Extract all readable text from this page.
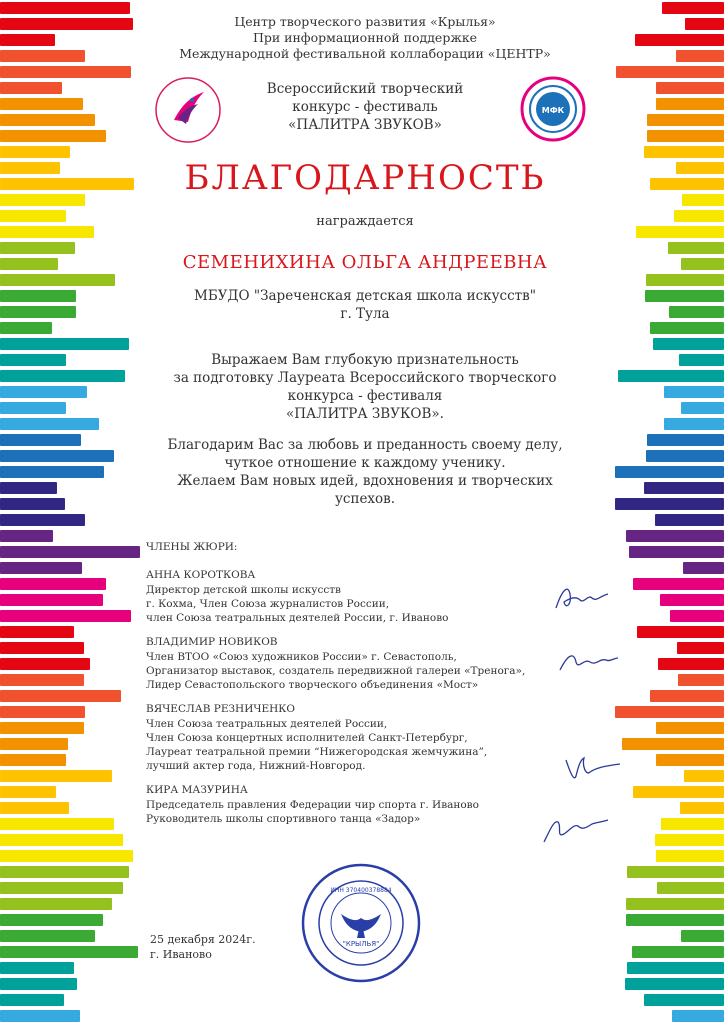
МФК
Центр творческого развития «Крылья»
При информационной поддержке
Международной фестивальной коллаборации «ЦЕНТР»
Всероссийский творческий
конкурс - фестиваль
«ПАЛИТРА ЗВУКОВ»
БЛАГОДАРНОСТЬ
награждается
СЕМЕНИХИНА ОЛЬГА АНДРЕЕВНА
МБУДО "Зареченская детская школа искусств"
г. Тула
Выражаем Вам глубокую признательность
за подготовку Лауреата Всероссийского творческого
конкурса - фестиваля
«ПАЛИТРА ЗВУКОВ».
Благодарим Вас за любовь и преданность своему делу,
чуткое отношение к каждому ученику.
Желаем Вам новых идей, вдохновения и творческих
успехов.
ЧЛЕНЫ ЖЮРИ:
АННА КОРОТКОВА
Директор детской школы искусств
г. Кохма, Член Союза журналистов России,
член Союза театральных деятелей России, г. Иваново
ВЛАДИМИР НОВИКОВ
Член ВТОО «Союз художников России» г. Севастополь,
Организатор выставок, создатель передвижной галереи «Тренога»,
Лидер Севастопольского творческого объединения «Мост»
ВЯЧЕСЛАВ РЕЗНИЧЕНКО
Член Союза театральных деятелей России,
Член Союза концертных исполнителей Санкт-Петербург,
Лауреат театральной премии “Нижегородская жемчужина”,
лучший актер года, Нижний-Новгород.
КИРА МАЗУРИНА
Председатель правления Федерации чир спорта г. Иваново
Руководитель школы спортивного танца «Задор»
"КРЫЛЬЯ"
ИНН 370400378884
25 декабря 2024г.
г. Иваново
